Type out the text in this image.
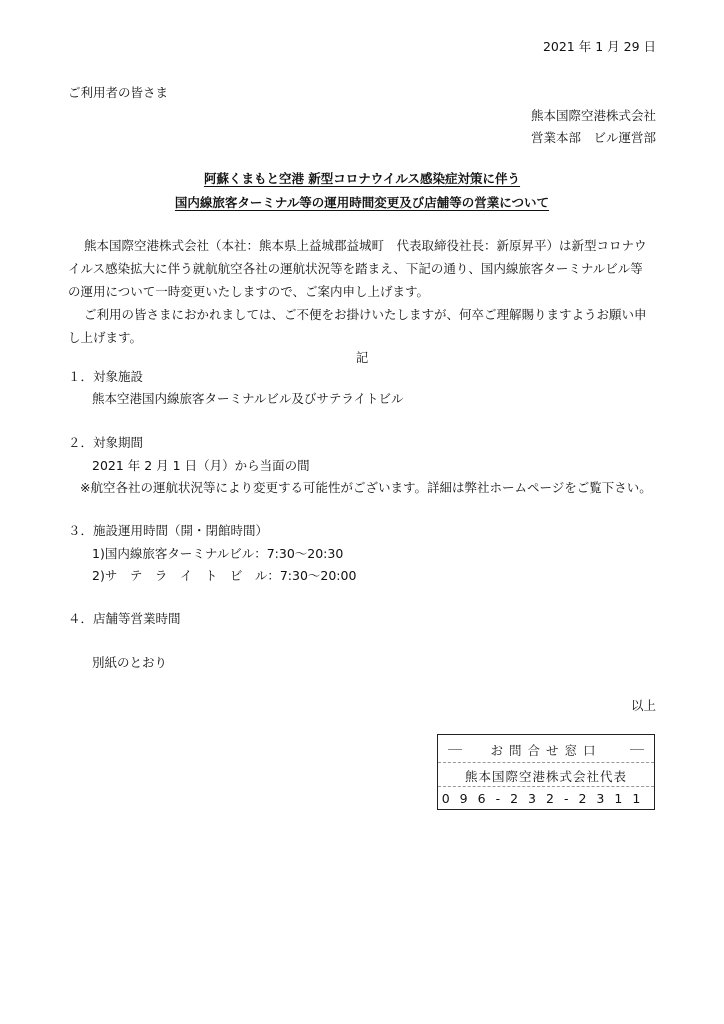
2021 年 1 月 29 日
ご利用者の皆さま
熊本国際空港株式会社
営業本部　ビル運営部
阿蘇くまもと空港 新型コロナウイルス感染症対策に伴う
国内線旅客ターミナル等の運用時間変更及び店舗等の営業について
熊本国際空港株式会社（本社：熊本県上益城郡益城町　代表取締役社長：新原昇平）は新型コロナウ
イルス感染拡大に伴う就航航空各社の運航状況等を踏まえ、下記の通り、国内線旅客ターミナルビル等
の運用について一時変更いたしますので、ご案内申し上げます。
ご利用の皆さまにおかれましては、ご不便をお掛けいたしますが、何卒ご理解賜りますようお願い申
し上げます。
記
１．対象施設
熊本空港国内線旅客ターミナルビル及びサテライトビル
２．対象期間
2021 年 2 月 1 日（月）から当面の間
※航空各社の運航状況等により変更する可能性がございます。詳細は弊社ホームページをご覧下さい。
３．施設運用時間（開・閉館時間）
1)国内線旅客ターミナルビル：7:30～20:30
2)サ　テ　ラ　イ　ト　ビ　ル：7:30～20:00
４．店舗等営業時間
別紙のとおり
以上
お問合せ窓口
熊本国際空港株式会社代表
096-232-2311
